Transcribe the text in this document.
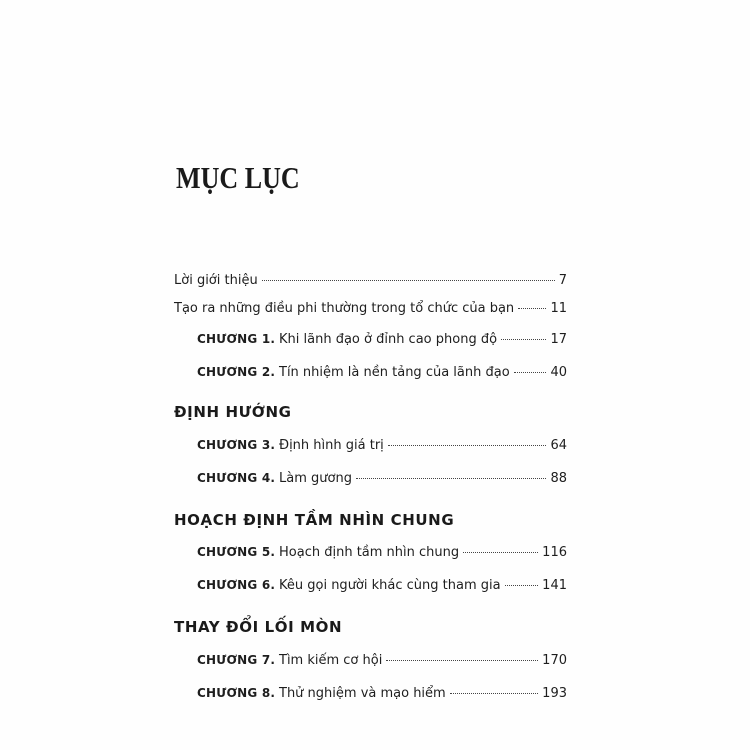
MỤC LỤC
Lời giới thiệu	7
Tạo ra những điều phi thường trong tổ chức của bạn	11
CHƯƠNG 1. Khi lãnh đạo ở đỉnh cao phong độ	17
CHƯƠNG 2. Tín nhiệm là nền tảng của lãnh đạo	40
ĐỊNH HƯỚNG
CHƯƠNG 3. Định hình giá trị	64
CHƯƠNG 4. Làm gương	88
HOẠCH ĐỊNH TẦM NHÌN CHUNG
CHƯƠNG 5. Hoạch định tầm nhìn chung	116
CHƯƠNG 6. Kêu gọi người khác cùng tham gia	141
THAY ĐỔI LỐI MÒN
CHƯƠNG 7. Tìm kiếm cơ hội	170
CHƯƠNG 8. Thử nghiệm và mạo hiểm	193
